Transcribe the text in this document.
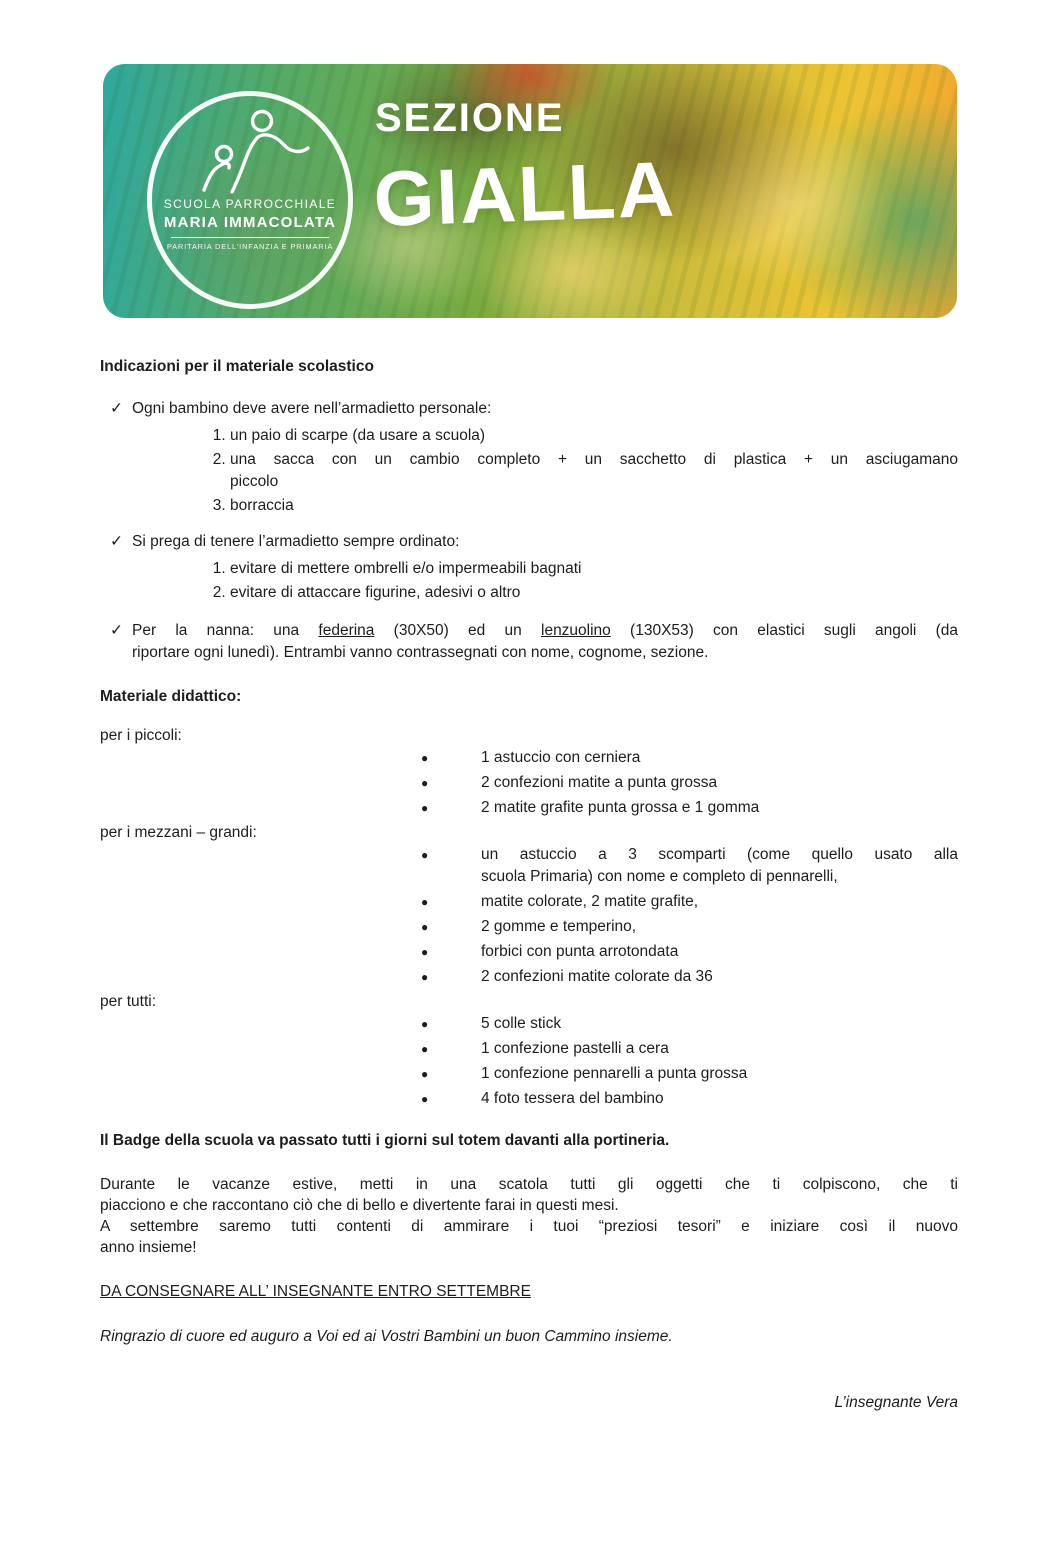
SCUOLA PARROCCHIALE
MARIA IMMACOLATA
PARITARIA DELL'INFANZIA E PRIMARIA
SEZIONE
GIALLA
Indicazioni per il materiale scolastico
✓ Ogni bambino deve avere nell’armadietto personale:
1. un paio di scarpe (da usare a scuola)
2. una sacca con un cambio completo + un sacchetto di plastica + un asciugamano
piccolo
3. borraccia
✓ Si prega di tenere l’armadietto sempre ordinato:
1. evitare di mettere ombrelli e/o impermeabili bagnati
2. evitare di attaccare figurine, adesivi o altro
✓ Per la nanna: una federina (30X50) ed un lenzuolino (130X53) con elastici sugli angoli (da
riportare ogni lunedì). Entrambi vanno contrassegnati con nome, cognome, sezione.
Materiale didattico:
per i piccoli:
●	1 astuccio con cerniera
●	2 confezioni matite a punta grossa
●	2 matite grafite punta grossa e 1 gomma
per i mezzani – grandi:
●	un astuccio a 3 scomparti (come quello usato alla
scuola Primaria) con nome e completo di pennarelli,
●	matite colorate, 2 matite grafite,
●	2 gomme e temperino,
●	forbici con punta arrotondata
●	2 confezioni matite colorate da 36
per tutti:
●	5 colle stick
●	1 confezione pastelli a cera
●	1 confezione pennarelli a punta grossa
●	4 foto tessera del bambino
Il Badge della scuola va passato tutti i giorni sul totem davanti alla portineria.
Durante le vacanze estive, metti in una scatola tutti gli oggetti che ti colpiscono, che ti
piacciono e che raccontano ciò che di bello e divertente farai in questi mesi.
A settembre saremo tutti contenti di ammirare i tuoi “preziosi tesori” e iniziare così il nuovo
anno insieme!
DA CONSEGNARE ALL’ INSEGNANTE ENTRO SETTEMBRE
Ringrazio di cuore ed auguro a Voi ed ai Vostri Bambini un buon Cammino insieme.
L’insegnante Vera
